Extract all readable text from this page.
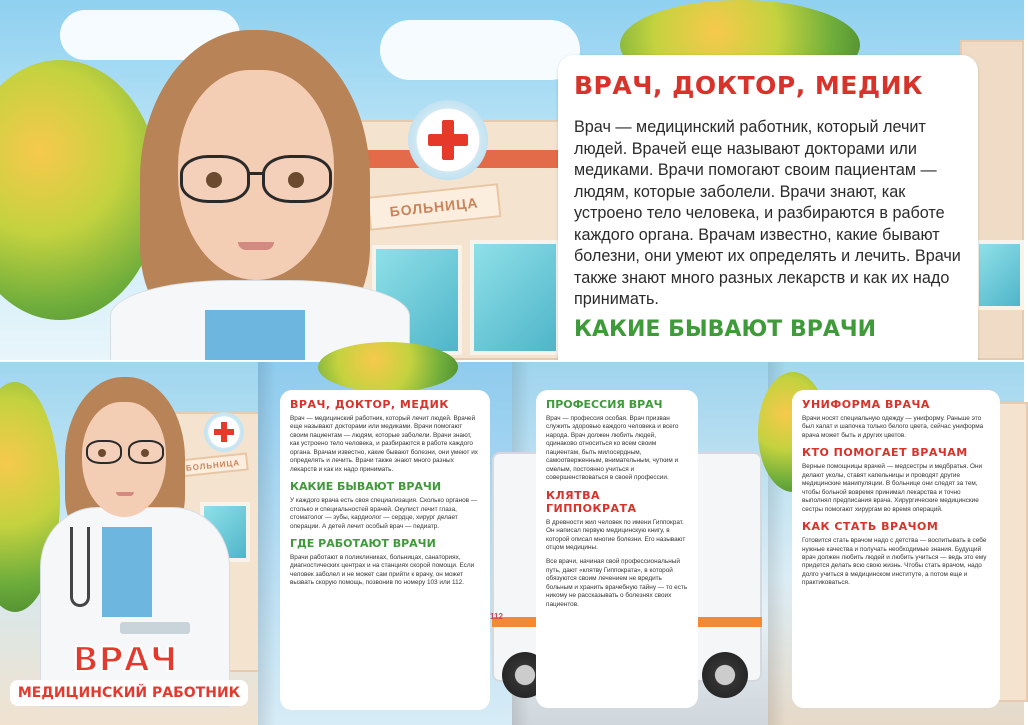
БОЛЬНИЦА
ВРАЧ, ДОКТОР, МЕДИК
Врач — медицинский работник, который лечит людей. Врачей еще называют докторами или медиками. Врачи помогают своим пациентам — людям, которые заболели. Врачи знают, как устроено тело человека, и разбираются в работе каждого органа. Врачам известно, какие бывают болезни, они умеют их определять и лечить. Врачи также знают много разных лекарств и как их надо принимать.
КАКИЕ БЫВАЮТ ВРАЧИ
БОЛЬНИЦА
ВРАЧ
МЕДИЦИНСКИЙ РАБОТНИК
ВРАЧ, ДОКТОР, МЕДИК
Врач — медицинский работник, который лечит людей. Врачей еще называют докторами или медиками. Врачи помогают своим пациентам — людям, которые заболели. Врачи знают, как устроено тело человека, и разбираются в работе каждого органа. Врачам известно, какие бывают болезни, они умеют их определять и лечить. Врачи также знают много разных лекарств и как их надо принимать.
КАКИЕ БЫВАЮТ ВРАЧИ
У каждого врача есть своя специализация. Сколько органов — столько и специальностей врачей. Окулист лечит глаза, стоматолог — зубы, кардиолог — сердце, хирург делает операции. А детей лечит особый врач — педиатр.
ГДЕ РАБОТАЮТ ВРАЧИ
Врачи работают в поликлиниках, больницах, санаториях, диагностических центрах и на станциях скорой помощи. Если человек заболел и не может сам прийти к врачу, он может вызвать скорую помощь, позвонив по номеру 103 или 112.
112
ПРОФЕССИЯ ВРАЧ
Врач — профессия особая. Врач призван служить здоровью каждого человека и всего народа. Врач должен любить людей, одинаково относиться ко всем своим пациентам, быть милосердным, самоотверженным, внимательным, чутким и смелым, постоянно учиться и совершенствоваться в своей профессии.
КЛЯТВА ГИППОКРАТА
В древности жил человек по имени Гиппократ. Он написал первую медицинскую книгу, в которой описал многие болезни. Его называют отцом медицины.
Все врачи, начиная свой профессиональный путь, дают «клятву Гиппократа», в которой обязуются своим лечением не вредить больным и хранить врачебную тайну — то есть никому не рассказывать о болезнях своих пациентов.
УНИФОРМА ВРАЧА
Врачи носят специальную одежду — униформу. Раньше это был халат и шапочка только белого цвета, сейчас униформа врача может быть и других цветов.
КТО ПОМОГАЕТ ВРАЧАМ
Верные помощницы врачей — медсестры и медбратья. Они делают уколы, ставят капельницы и проводят другие медицинские манипуляции. В больнице они следят за тем, чтобы больной вовремя принимал лекарства и точно выполнял предписания врача. Хирургические медицинские сестры помогают хирургам во время операций.
КАК СТАТЬ ВРАЧОМ
Готовится стать врачом надо с детства — воспитывать в себе нужные качества и получать необходимые знания. Будущий врач должен любить людей и любить учиться — ведь это ему придется делать всю свою жизнь. Чтобы стать врачом, надо долго учиться в медицинском институте, а потом еще и практиковаться.
